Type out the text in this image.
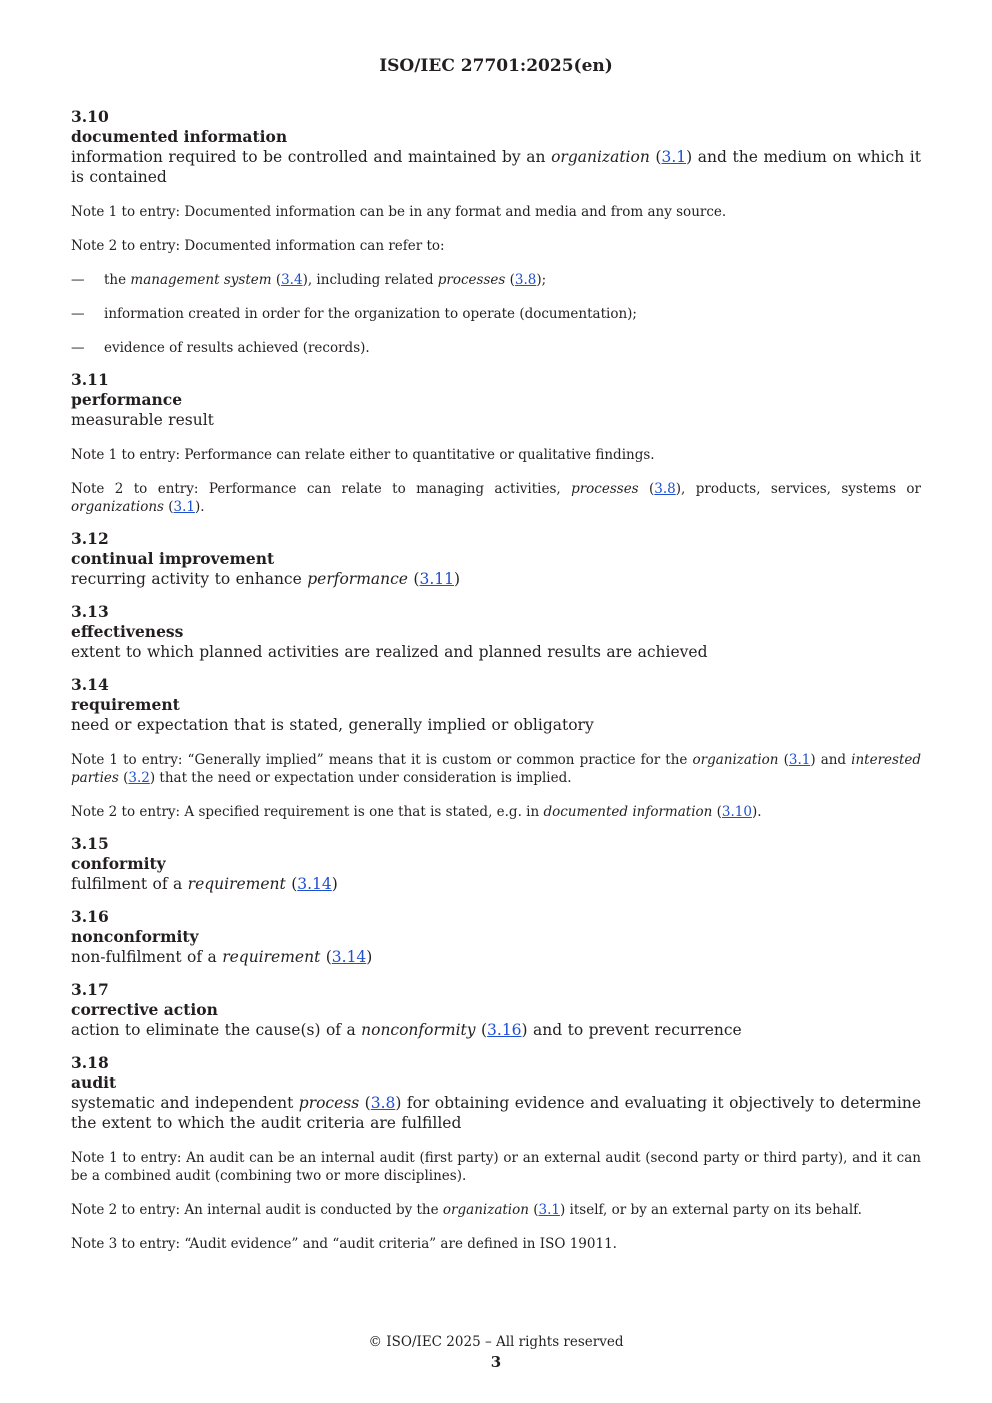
ISO/IEC 27701:2025(en)
3.10
documented information
information required to be controlled and maintained by an organization (3.1) and the medium on which it is contained
Note 1 to entry: Documented information can be in any format and media and from any source.
Note 2 to entry: Documented information can refer to:
—	the management system (3.4), including related processes (3.8);
—	information created in order for the organization to operate (documentation);
—	evidence of results achieved (records).
3.11
performance
measurable result
Note 1 to entry: Performance can relate either to quantitative or qualitative findings.
Note 2 to entry: Performance can relate to managing activities, processes (3.8), products, services, systems or organizations (3.1).
3.12
continual improvement
recurring activity to enhance performance (3.11)
3.13
effectiveness
extent to which planned activities are realized and planned results are achieved
3.14
requirement
need or expectation that is stated, generally implied or obligatory
Note 1 to entry: “Generally implied” means that it is custom or common practice for the organization (3.1) and interested parties (3.2) that the need or expectation under consideration is implied.
Note 2 to entry: A specified requirement is one that is stated, e.g. in documented information (3.10).
3.15
conformity
fulfilment of a requirement (3.14)
3.16
nonconformity
non-fulfilment of a requirement (3.14)
3.17
corrective action
action to eliminate the cause(s) of a nonconformity (3.16) and to prevent recurrence
3.18
audit
systematic and independent process (3.8) for obtaining evidence and evaluating it objectively to determine the extent to which the audit criteria are fulfilled
Note 1 to entry: An audit can be an internal audit (first party) or an external audit (second party or third party), and it can be a combined audit (combining two or more disciplines).
Note 2 to entry: An internal audit is conducted by the organization (3.1) itself, or by an external party on its behalf.
Note 3 to entry: “Audit evidence” and “audit criteria” are defined in ISO 19011.
© ISO/IEC 2025 – All rights reserved
3
